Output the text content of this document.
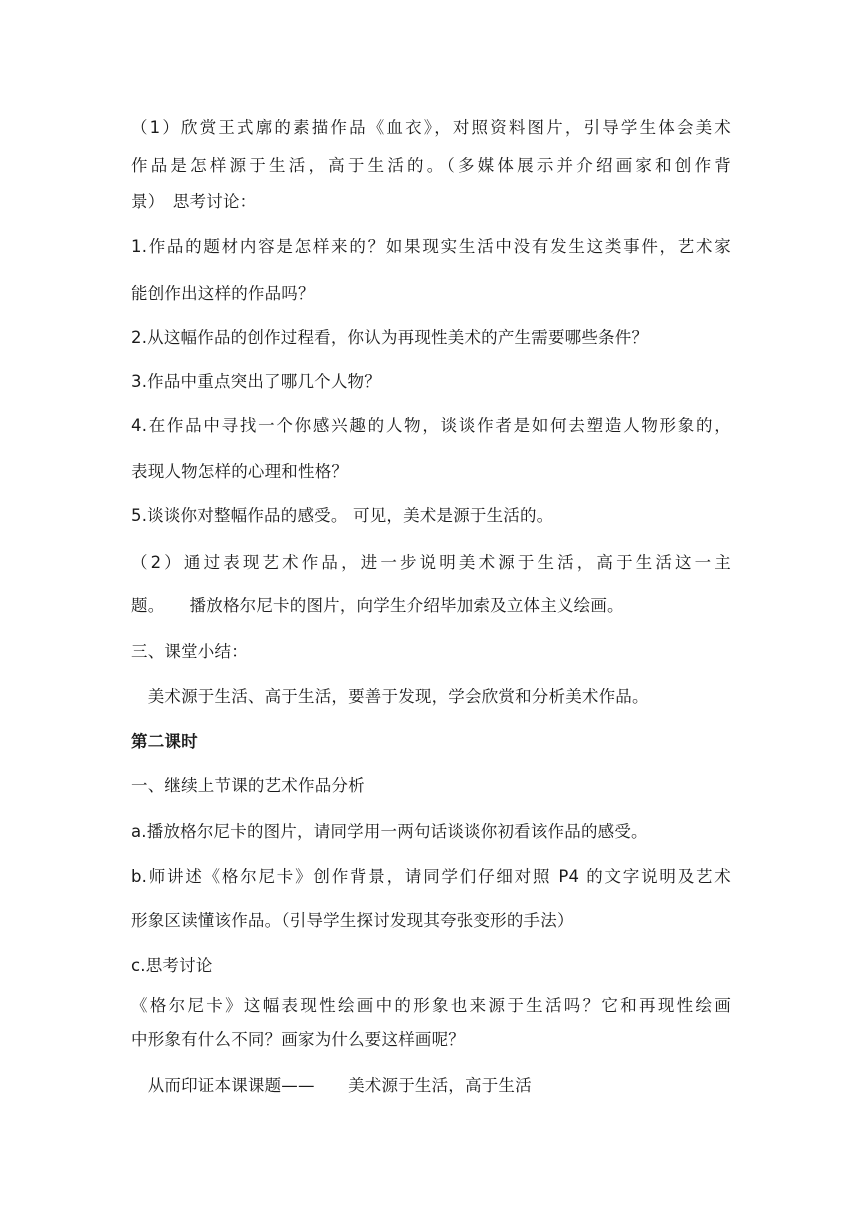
（1）欣赏王式廓的素描作品《血衣》，对照资料图片，引导学生体会美术
作品是怎样源于生活，高于生活的。（多媒体展示并介绍画家和创作背
景）　思考讨论：
1.作品的题材内容是怎样来的？如果现实生活中没有发生这类事件，艺术家
能创作出这样的作品吗？
2.从这幅作品的创作过程看，你认为再现性美术的产生需要哪些条件？
3.作品中重点突出了哪几个人物？
4.在作品中寻找一个你感兴趣的人物，谈谈作者是如何去塑造人物形象的，
表现人物怎样的心理和性格？
5.谈谈你对整幅作品的感受。 可见，美术是源于生活的。
（2）通过表现艺术作品，进一步说明美术源于生活，高于生活这一主
题。　　播放格尔尼卡的图片，向学生介绍毕加索及立体主义绘画。
三、课堂小结：
　美术源于生活、高于生活，要善于发现，学会欣赏和分析美术作品。
第二课时
一、继续上节课的艺术作品分析
a.播放格尔尼卡的图片，请同学用一两句话谈谈你初看该作品的感受。
b.师讲述《格尔尼卡》创作背景，请同学们仔细对照 P4 的文字说明及艺术
形象区读懂该作品。（引导学生探讨发现其夸张变形的手法）
c.思考讨论
《格尔尼卡》这幅表现性绘画中的形象也来源于生活吗？它和再现性绘画
中形象有什么不同？画家为什么要这样画呢？
　从而印证本课课题——　　美术源于生活，高于生活
